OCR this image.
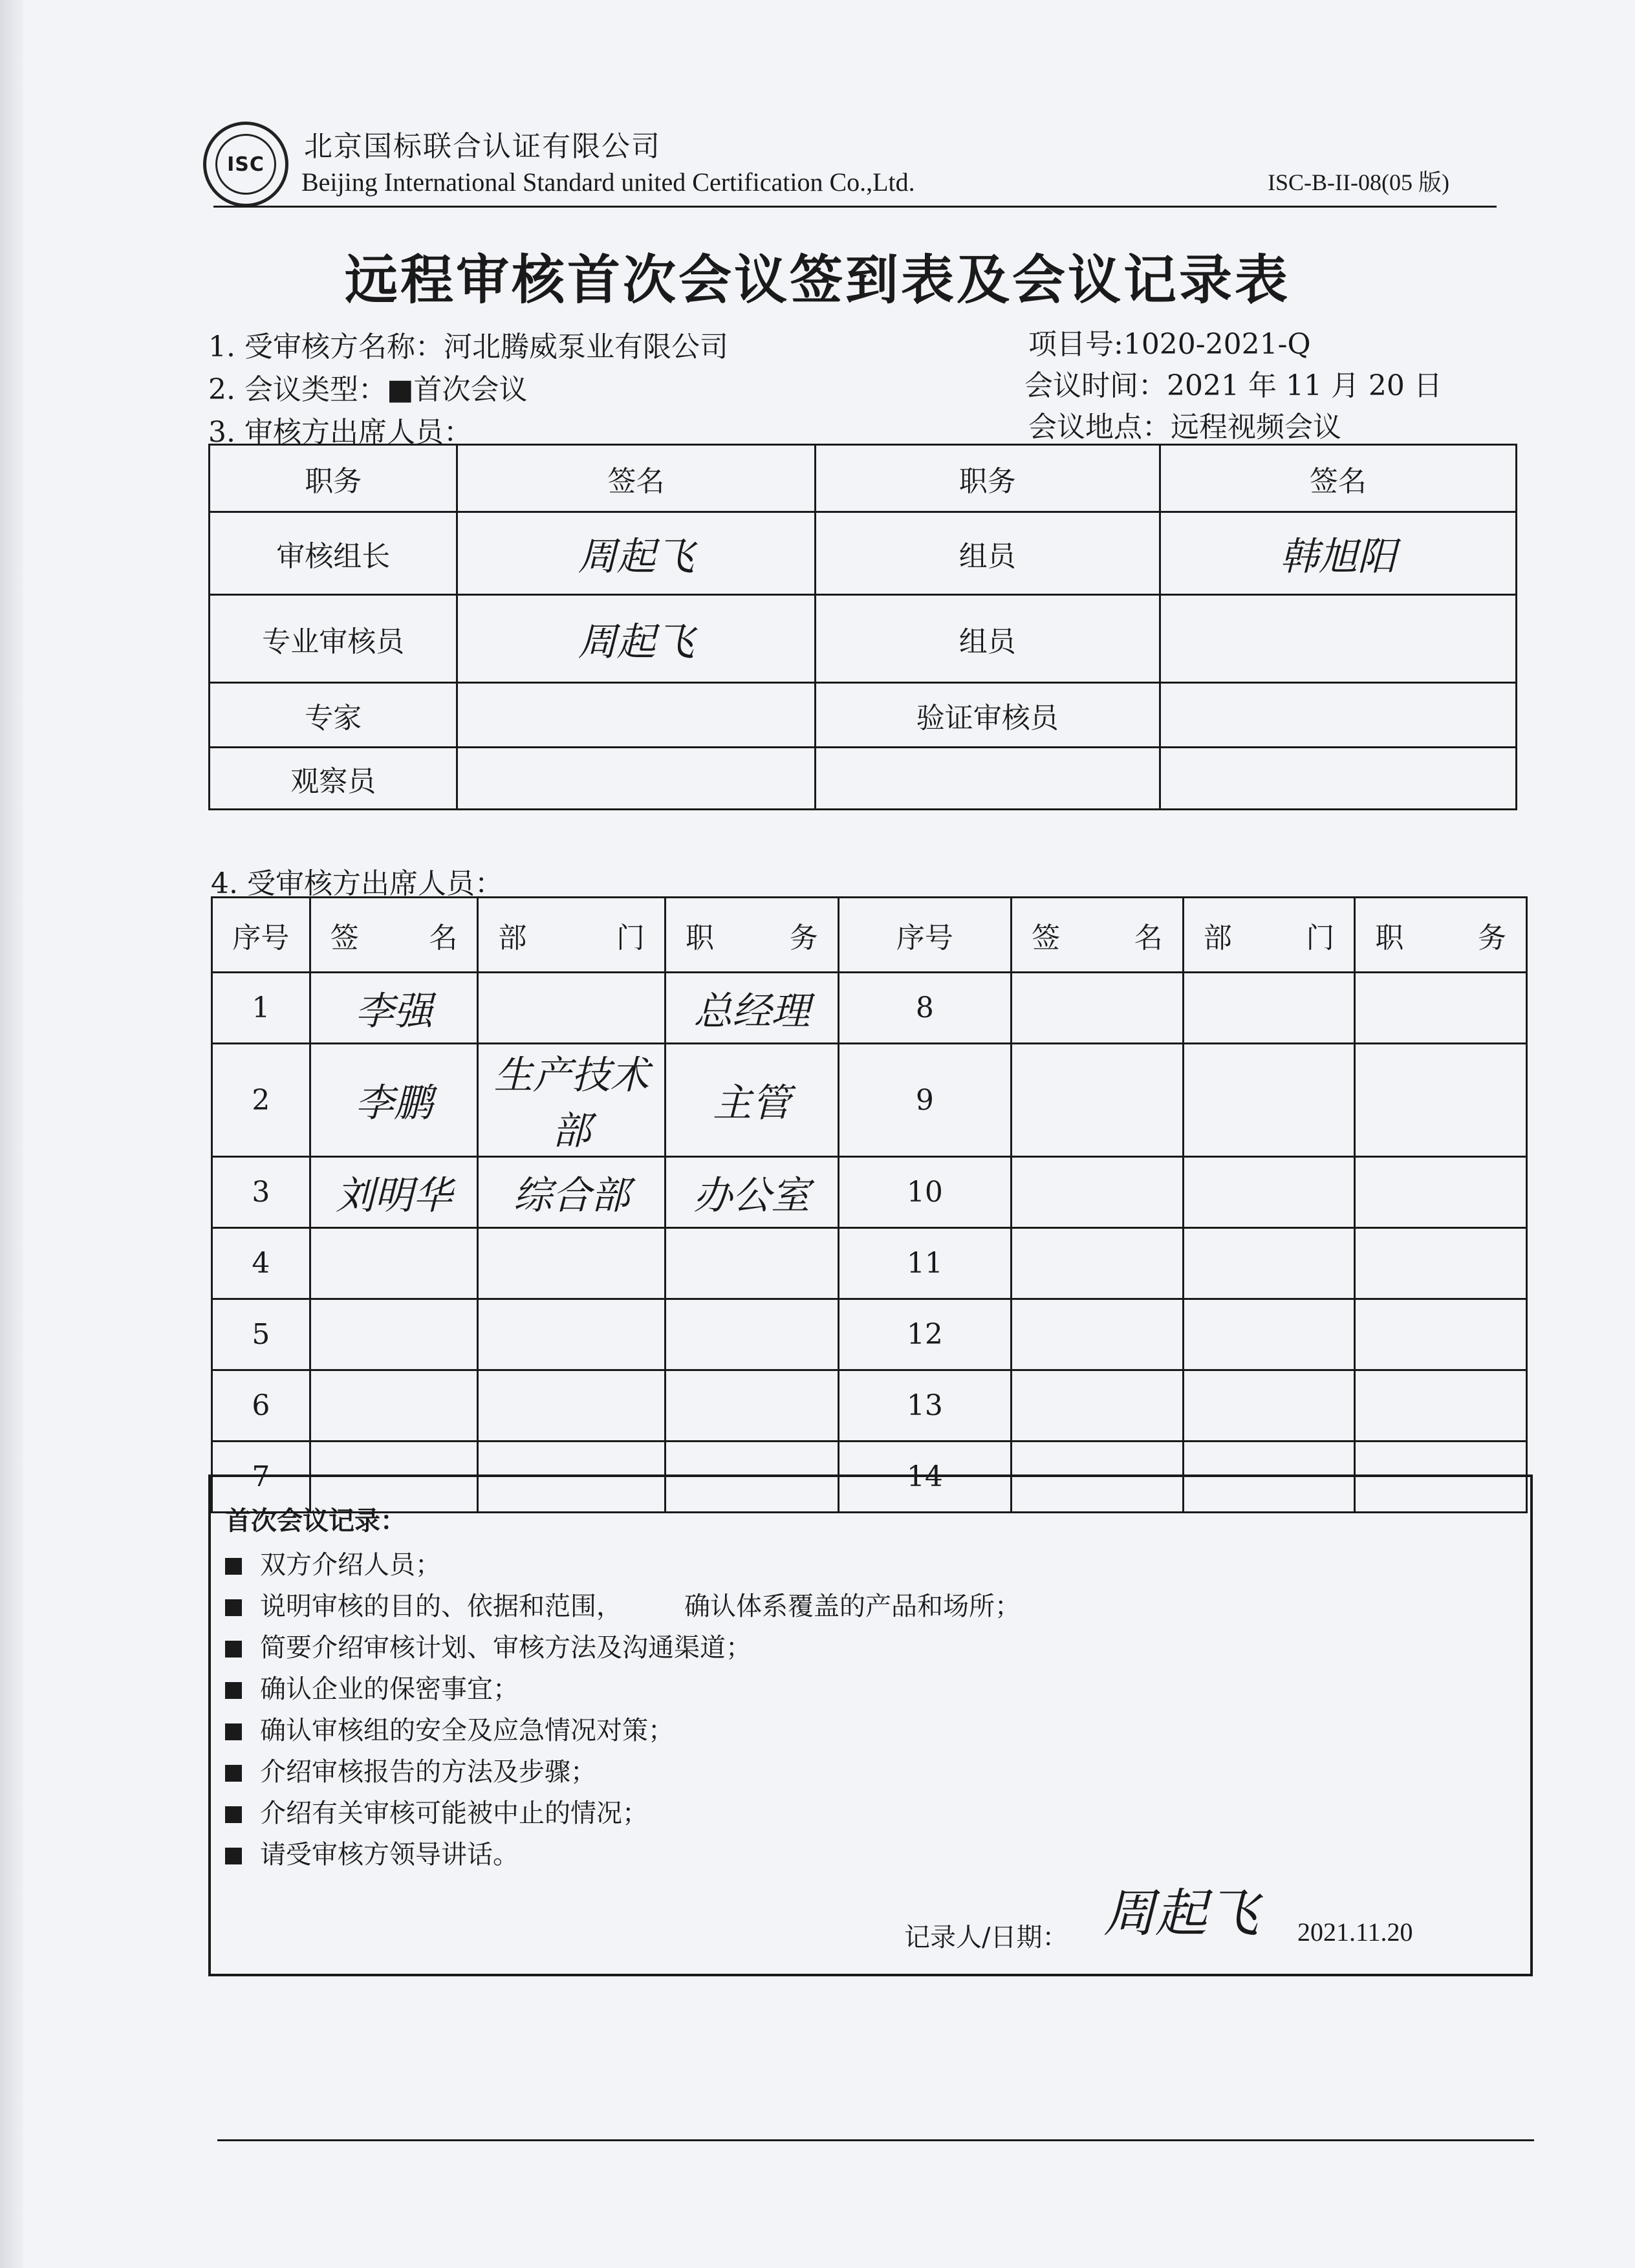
ISC
北京国标联合认证有限公司
Beijing International Standard united Certification Co.,Ltd.	ISC-B-II-08(05 版)
远程审核首次会议签到表及会议记录表
1. 受审核方名称：河北腾威泵业有限公司	项目号:1020-2021-Q
2. 会议类型：■首次会议	会议时间：2021 年 11 月 20 日
3. 审核方出席人员：	会议地点：远程视频会议
职务	签名	职务	签名
审核组长	周起飞	组员	韩旭阳
专业审核员	周起飞	组员	
专家		验证审核员	
观察员			
4. 受审核方出席人员：
序号	签名	部门	职务	序号	签名	部门	职务
1	李强		总经理	8			
2	李鹏	生产技术部	主管	9			
3	刘明华	综合部	办公室	10			
4				11			
5				12			
6				13			
7				14			
首次会议记录：
双方介绍人员；
说明审核的目的、依据和范围， 确认体系覆盖的产品和场所；
简要介绍审核计划、审核方法及沟通渠道；
确认企业的保密事宜；
确认审核组的安全及应急情况对策；
介绍审核报告的方法及步骤；
介绍有关审核可能被中止的情况；
请受审核方领导讲话。
记录人/日期： 周起飞 2021.11.20
